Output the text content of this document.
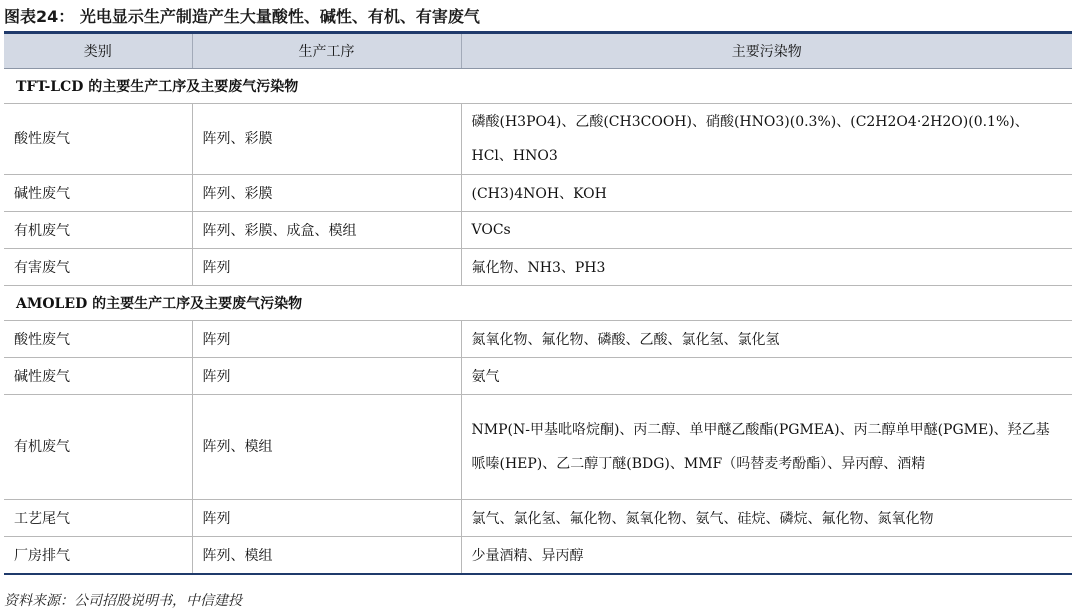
图表24： 光电显示生产制造产生大量酸性、碱性、有机、有害废气
类别	生产工序	主要污染物
TFT-LCD 的主要生产工序及主要废气污染物		
酸性废气	阵列、彩膜	磷酸(H3PO4)、乙酸(CH3COOH)、硝酸(HNO3)(0.3%)、(C2H2O4·2H2O)(0.1%)、HCl、HNO3
碱性废气	阵列、彩膜	(CH3)4NOH、KOH
有机废气	阵列、彩膜、成盒、模组	VOCs
有害废气	阵列	氟化物、NH3、PH3
AMOLED 的主要生产工序及主要废气污染物		
酸性废气	阵列	氮氧化物、氟化物、磷酸、乙酸、氯化氢、氯化氢
碱性废气	阵列	氨气
有机废气	阵列、模组	NMP(N-甲基吡咯烷酮)、丙二醇、单甲醚乙酸酯(PGMEA)、丙二醇单甲醚(PGME)、羟乙基哌嗪(HEP)、乙二醇丁醚(BDG)、MMF（吗替麦考酚酯）、异丙醇、酒精
工艺尾气	阵列	氯气、氯化氢、氟化物、氮氧化物、氨气、硅烷、磷烷、氟化物、氮氧化物
厂房排气	阵列、模组	少量酒精、异丙醇
资料来源：公司招股说明书，中信建投
